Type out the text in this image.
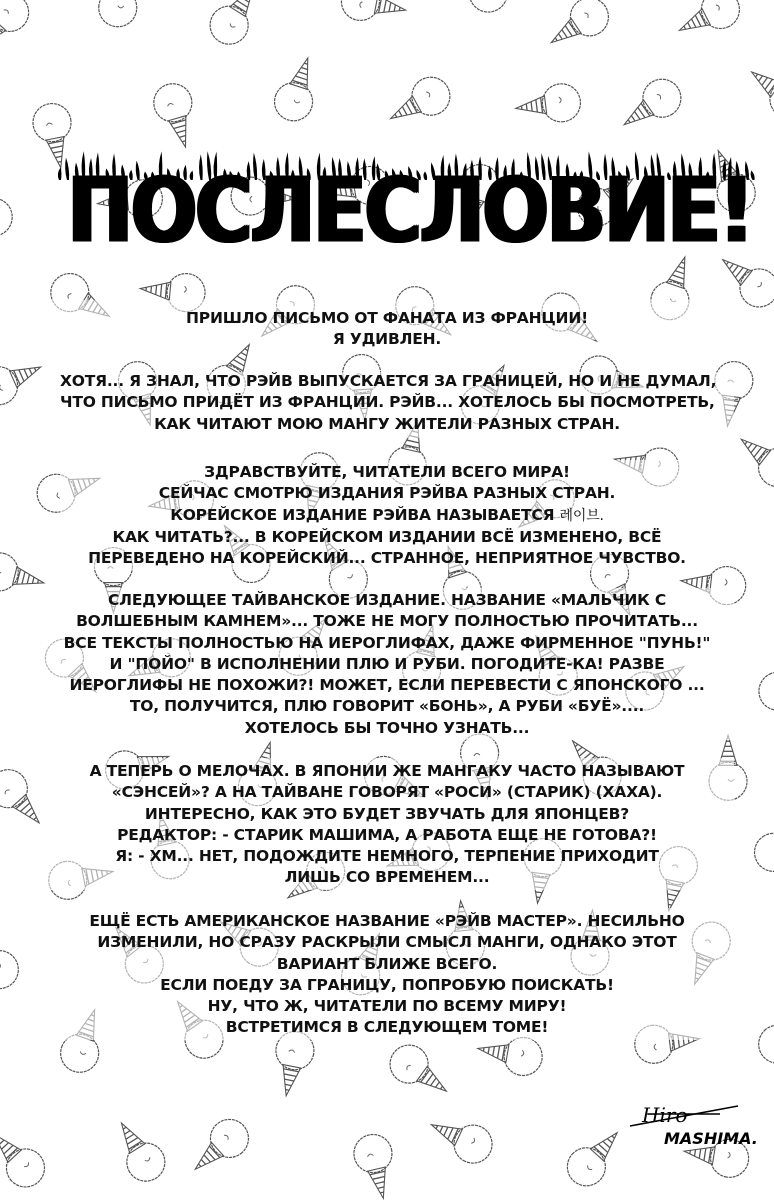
ПОСЛЕСЛОВИЕ!
ПРИШЛО ПИСЬМО ОТ ФАНАТА ИЗ ФРАНЦИИ!
Я УДИВЛЕН.
ХОТЯ... Я ЗНАЛ, ЧТО РЭЙВ ВЫПУСКАЕТСЯ ЗА ГРАНИЦЕЙ, НО И НЕ ДУМАЛ,
ЧТО ПИСЬМО ПРИДЁТ ИЗ ФРАНЦИИ. РЭЙВ... ХОТЕЛОСЬ БЫ ПОСМОТРЕТЬ,
КАК ЧИТАЮТ МОЮ МАНГУ ЖИТЕЛИ РАЗНЫХ СТРАН.
ЗДРАВСТВУЙТЕ, ЧИТАТЕЛИ ВСЕГО МИРА!
СЕЙЧАС СМОТРЮ ИЗДАНИЯ РЭЙВА РАЗНЫХ СТРАН.
КОРЕЙСКОЕ ИЗДАНИЕ РЭЙВА НАЗЫВАЕТСЯ 레이브.
КАК ЧИТАТЬ?... В КОРЕЙСКОМ ИЗДАНИИ ВСЁ ИЗМЕНЕНО, ВСЁ
ПЕРЕВЕДЕНО НА КОРЕЙСКИЙ... СТРАННОЕ, НЕПРИЯТНОЕ ЧУВСТВО.
СЛЕДУЮЩЕЕ ТАЙВАНСКОЕ ИЗДАНИЕ. НАЗВАНИЕ «МАЛЬЧИК С
ВОЛШЕБНЫМ КАМНЕМ»... ТОЖЕ НЕ МОГУ ПОЛНОСТЬЮ ПРОЧИТАТЬ...
ВСЕ ТЕКСТЫ ПОЛНОСТЬЮ НА ИЕРОГЛИФАХ, ДАЖЕ ФИРМЕННОЕ "ПУНЬ!"
И "ПОЙО" В ИСПОЛНЕНИИ ПЛЮ И РУБИ. ПОГОДИТЕ-КА! РАЗВЕ
ИЕРОГЛИФЫ НЕ ПОХОЖИ?! МОЖЕТ, ЕСЛИ ПЕРЕВЕСТИ С ЯПОНСКОГО ...
ТО, ПОЛУЧИТСЯ, ПЛЮ ГОВОРИТ «БОНЬ», А РУБИ «БУЁ»....
ХОТЕЛОСЬ БЫ ТОЧНО УЗНАТЬ...
А ТЕПЕРЬ О МЕЛОЧАХ. В ЯПОНИИ ЖЕ МАНГАКУ ЧАСТО НАЗЫВАЮТ
«СЭНСЕЙ»? А НА ТАЙВАНЕ ГОВОРЯТ «РОСИ» (СТАРИК) (ХАХА).
ИНТЕРЕСНО, КАК ЭТО БУДЕТ ЗВУЧАТЬ ДЛЯ ЯПОНЦЕВ?
РЕДАКТОР: - СТАРИК МАШИМА, А РАБОТА ЕЩЕ НЕ ГОТОВА?!
Я: - ХМ... НЕТ, ПОДОЖДИТЕ НЕМНОГО, ТЕРПЕНИЕ ПРИХОДИТ
ЛИШЬ СО ВРЕМЕНЕМ...
ЕЩЁ ЕСТЬ АМЕРИКАНСКОЕ НАЗВАНИЕ «РЭЙВ МАСТЕР». НЕСИЛЬНО
ИЗМЕНИЛИ, НО СРАЗУ РАСКРЫЛИ СМЫСЛ МАНГИ, ОДНАКО ЭТОТ
ВАРИАНТ БЛИЖЕ ВСЕГО.
ЕСЛИ ПОЕДУ ЗА ГРАНИЦУ, ПОПРОБУЮ ПОИСКАТЬ!
НУ, ЧТО Ж, ЧИТАТЕЛИ ПО ВСЕМУ МИРУ!
ВСТРЕТИМСЯ В СЛЕДУЮЩЕМ ТОМЕ!
Hiro
MASHIMA.
